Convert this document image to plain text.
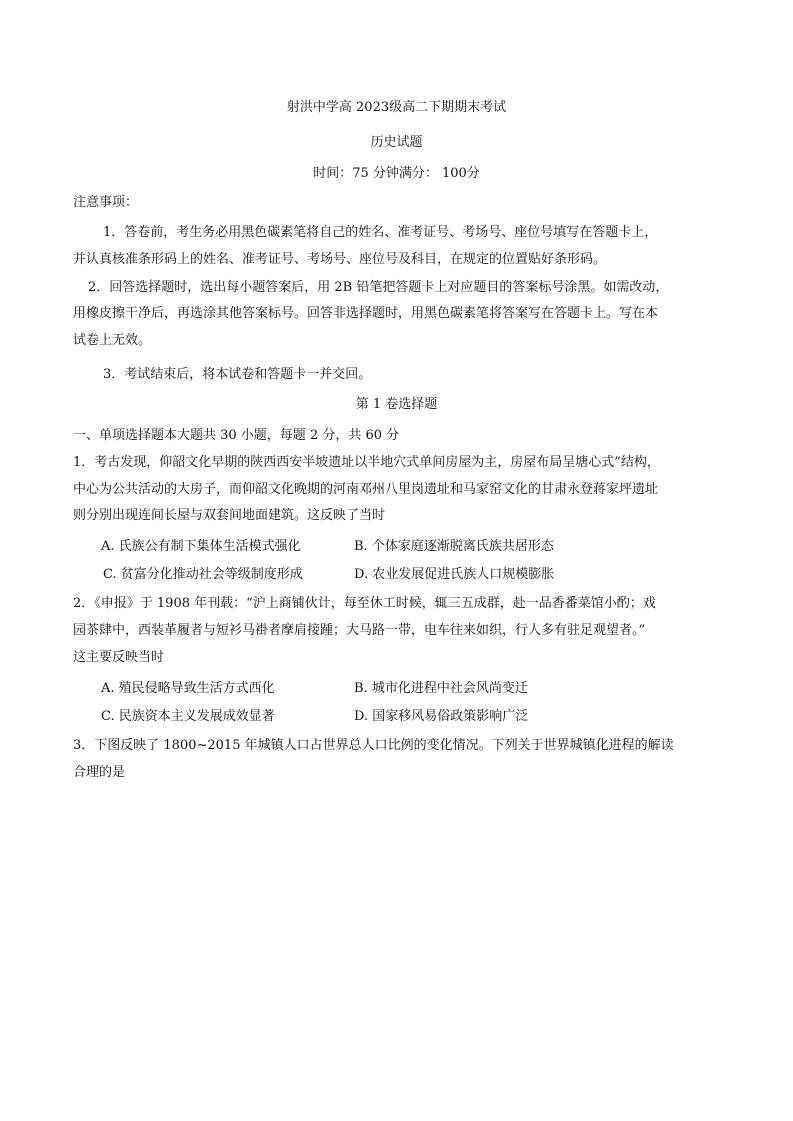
射洪中学高 2023级高二下期期末考试
历史试题
时间：75 分钟满分： 100分
注意事项：
1．答卷前，考生务必用黑色碳素笔将自己的姓名、准考证号、考场号、座位号填写在答题卡上，
并认真核准条形码上的姓名、准考证号、考场号、座位号及科目，在规定的位置贴好条形码。
2．回答选择题时，选出每小题答案后，用 2B 铅笔把答题卡上对应题目的答案标号涂黑。如需改动，
用橡皮擦干净后，再选涂其他答案标号。回答非选择题时，用黑色碳素笔将答案写在答题卡上。写在本
试卷上无效。
3．考试结束后，将本试卷和答题卡一并交回。
第 1 卷选择题
一、单项选择题本大题共 30 小题，每题 2 分，共 60 分
1．考古发现，仰韶文化早期的陕西西安半坡遗址以半地穴式单间房屋为主，房屋布局呈塘心式”结构，
中心为公共活动的大房子，而仰韶文化晚期的河南邓州八里岗遗址和马家窑文化的甘肃永登蒋家坪遗址
则分别出现连间长屋与双套间地面建筑。这反映了当时
A. 氏族公有制下集体生活模式强化	B. 个体家庭逐渐脱离氏族共居形态
C. 贫富分化推动社会等级制度形成	D. 农业发展促进氏族人口规模膨胀
2．《申报》于 1908 年刊载：“沪上商铺伙计，每至休工时候，辄三五成群，赴一品香番菜馆小酌；戏
园茶肆中，西装革履者与短衫马褂者摩肩接踵；大马路一带，电车往来如织，行人多有驻足观望者。”
这主要反映当时
A. 殖民侵略导致生活方式西化	B. 城市化进程中社会风尚变迁
C. 民族资本主义发展成效显著	D. 国家移风易俗政策影响广泛
3．下图反映了 1800~2015 年城镇人口占世界总人口比例的变化情况。下列关于世界城镇化进程的解读
合理的是
